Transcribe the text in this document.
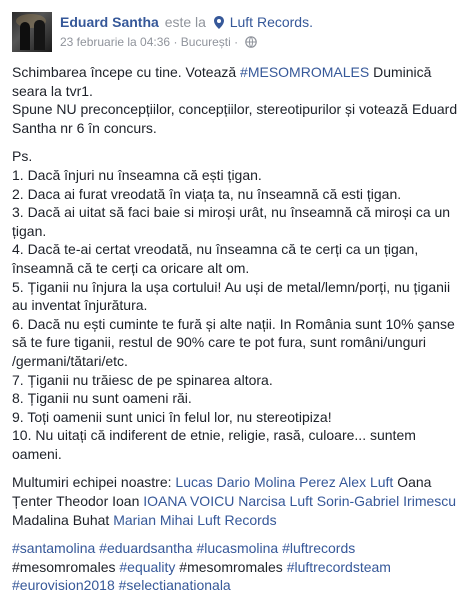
Eduard Santha este la Luft Records.
23 februarie la 04:36 · București ·
Schimbarea începe cu tine. Votează #MESOMROMALES Duminică seara la tvr1.
Spune NU preconcepțiilor, concepțiilor, stereotipurilor și votează Eduard Santha nr 6 în concurs.
Ps.
1. Dacă înjuri nu înseamna că ești țigan.
2. Daca ai furat vreodată în viața ta, nu înseamnă că esti țigan.
3. Dacă ai uitat să faci baie si miroși urât, nu înseamnă că miroși ca un țigan.
4. Dacă te-ai certat vreodată, nu înseamna că te cerți ca un țigan, înseamnă că te cerți ca oricare alt om.
5. Țiganii nu înjura la ușa cortului! Au uși de metal/lemn/porți, nu țiganii au inventat înjurătura.
6. Dacă nu ești cuminte te fură și alte nații. In România sunt 10% șanse să te fure tiganii, restul de 90% care te pot fura, sunt români/unguri /germani/tătari/etc.
7. Țiganii nu trăiesc de pe spinarea altora.
8. Țiganii nu sunt oameni răi.
9. Toți oamenii sunt unici în felul lor, nu stereotipiza!
10. Nu uitați că indiferent de etnie, religie, rasă, culoare... suntem oameni.
Multumiri echipei noastre: Lucas Dario Molina Perez Alex Luft Oana Țenter Theodor Ioan IOANA VOICU Narcisa Luft Sorin-Gabriel Irimescu Madalina Buhat Marian Mihai Luft Records
#santamolina #eduardsantha #lucasmolina #luftrecords
#mesomromales #equality #mesomromales #luftrecordsteam
#eurovision2018 #selectianationala
